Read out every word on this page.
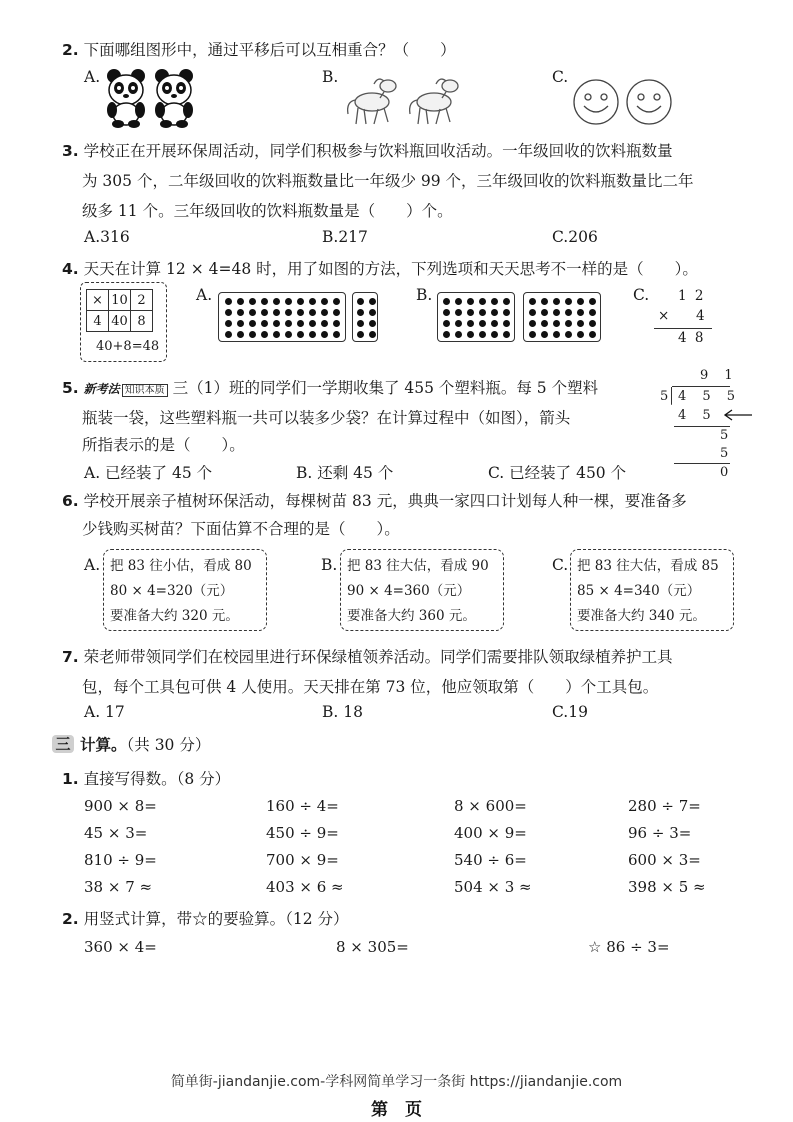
2. 下面哪组图形中，通过平移后可以互相重合？（　　）
A.	B.	C.
3. 学校正在开展环保周活动，同学们积极参与饮料瓶回收活动。一年级回收的饮料瓶数量
为 305 个，二年级回收的饮料瓶数量比一年级少 99 个，三年级回收的饮料瓶数量比二年
级多 11 个。三年级回收的饮料瓶数量是（　　）个。
A.316	B.217	C.206
4. 天天在计算 12 × 4=48 时，用了如图的方法，下列选项和天天思考不一样的是（　　）。
×	10	2
4	40	8
40+8=48
A.	B.	C. 1 2
× 4
4 8
5. 新考法 知识本质 三（1）班的同学们一学期收集了 455 个塑料瓶。每 5 个塑料
瓶装一袋，这些塑料瓶一共可以装多少袋？在计算过程中（如图），箭头
所指表示的是（　　）。
A. 已经装了 45 个	B. 还剩 45 个	C. 已经装了 450 个
9 1
5 4 5 5
4 5
5
5
0
6. 学校开展亲子植树环保活动，每棵树苗 83 元，典典一家四口计划每人种一棵，要准备多
少钱购买树苗？下面估算不合理的是（　　）。
A. 把 83 往小估，看成 80
80 × 4=320（元）
要准备大约 320 元。
B. 把 83 往大估，看成 90
90 × 4=360（元）
要准备大约 360 元。
C. 把 83 往大估，看成 85
85 × 4=340（元）
要准备大约 340 元。
7. 荣老师带领同学们在校园里进行环保绿植领养活动。同学们需要排队领取绿植养护工具
包，每个工具包可供 4 人使用。天天排在第 73 位，他应领取第（　　）个工具包。
A. 17	B. 18	C.19
三 计算。（共 30 分）
1. 直接写得数。（8 分）
900 × 8=	160 ÷ 4=	8 × 600=	280 ÷ 7=
45 × 3=	450 ÷ 9=	400 × 9=	96 ÷ 3=
810 ÷ 9=	700 × 9=	540 ÷ 6=	600 × 3=
38 × 7 ≈	403 × 6 ≈	504 × 3 ≈	398 × 5 ≈
2. 用竖式计算，带☆的要验算。（12 分）
360 × 4=	8 × 305=	☆ 86 ÷ 3=
简单街-jiandanjie.com-学科网简单学习一条街 https://jiandanjie.com
第　页
